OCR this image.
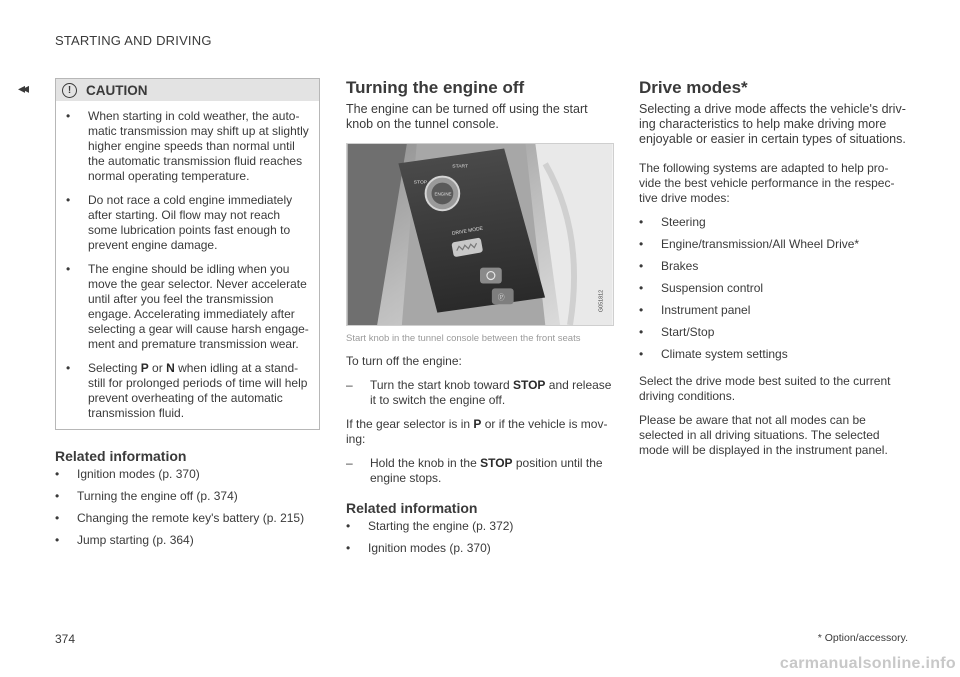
STARTING AND DRIVING
◂◂	!	CAUTION
•
When starting in cold weather, the auto-matic transmission may shift up at slightly higher engine speeds than normal until the automatic transmission fluid reaches normal operating temperature.
•
Do not race a cold engine immediately after starting. Oil flow may not reach some lubrication points fast enough to prevent engine damage.
•
The engine should be idling when you move the gear selector. Never accelerate until after you feel the transmission engage. Accelerating immediately after selecting a gear will cause harsh engage-ment and premature transmission wear.
•
Selecting P or N when idling at a stand-still for prolonged periods of time will help prevent overheating of the automatic transmission fluid.
Related information
•
Ignition modes (p. 370)
•
Turning the engine off (p. 374)
•
Changing the remote key's battery (p. 215)
•
Jump starting (p. 364)
Turning the engine off

The engine can be turned off using the start knob on the tunnel console.

STOP
START
ENGINE
DRIVE MODE
Ⓟ	G051812
Start knob in the tunnel console between the front seats

To turn off the engine:

–
Turn the start knob toward STOP and release it to switch the engine off.

If the gear selector is in P or if the vehicle is mov-ing:

–
Hold the knob in the STOP position until the engine stops.
Related information
•
Starting the engine (p. 372)
•
Ignition modes (p. 370)
Drive modes*

Selecting a drive mode affects the vehicle's driv-ing characteristics to help make driving more enjoyable or easier in certain types of situations.

The following systems are adapted to help pro-vide the best vehicle performance in the respec-tive drive modes:

•
Steering
•
Engine/transmission/All Wheel Drive*
•
Brakes
•
Suspension control
•
Instrument panel
•
Start/Stop
•
Climate system settings

Select the drive mode best suited to the current driving conditions.

Please be aware that not all modes can be selected in all driving situations. The selected mode will be displayed in the instrument panel.

* Option/accessory.
374
carmanualsonline.info
